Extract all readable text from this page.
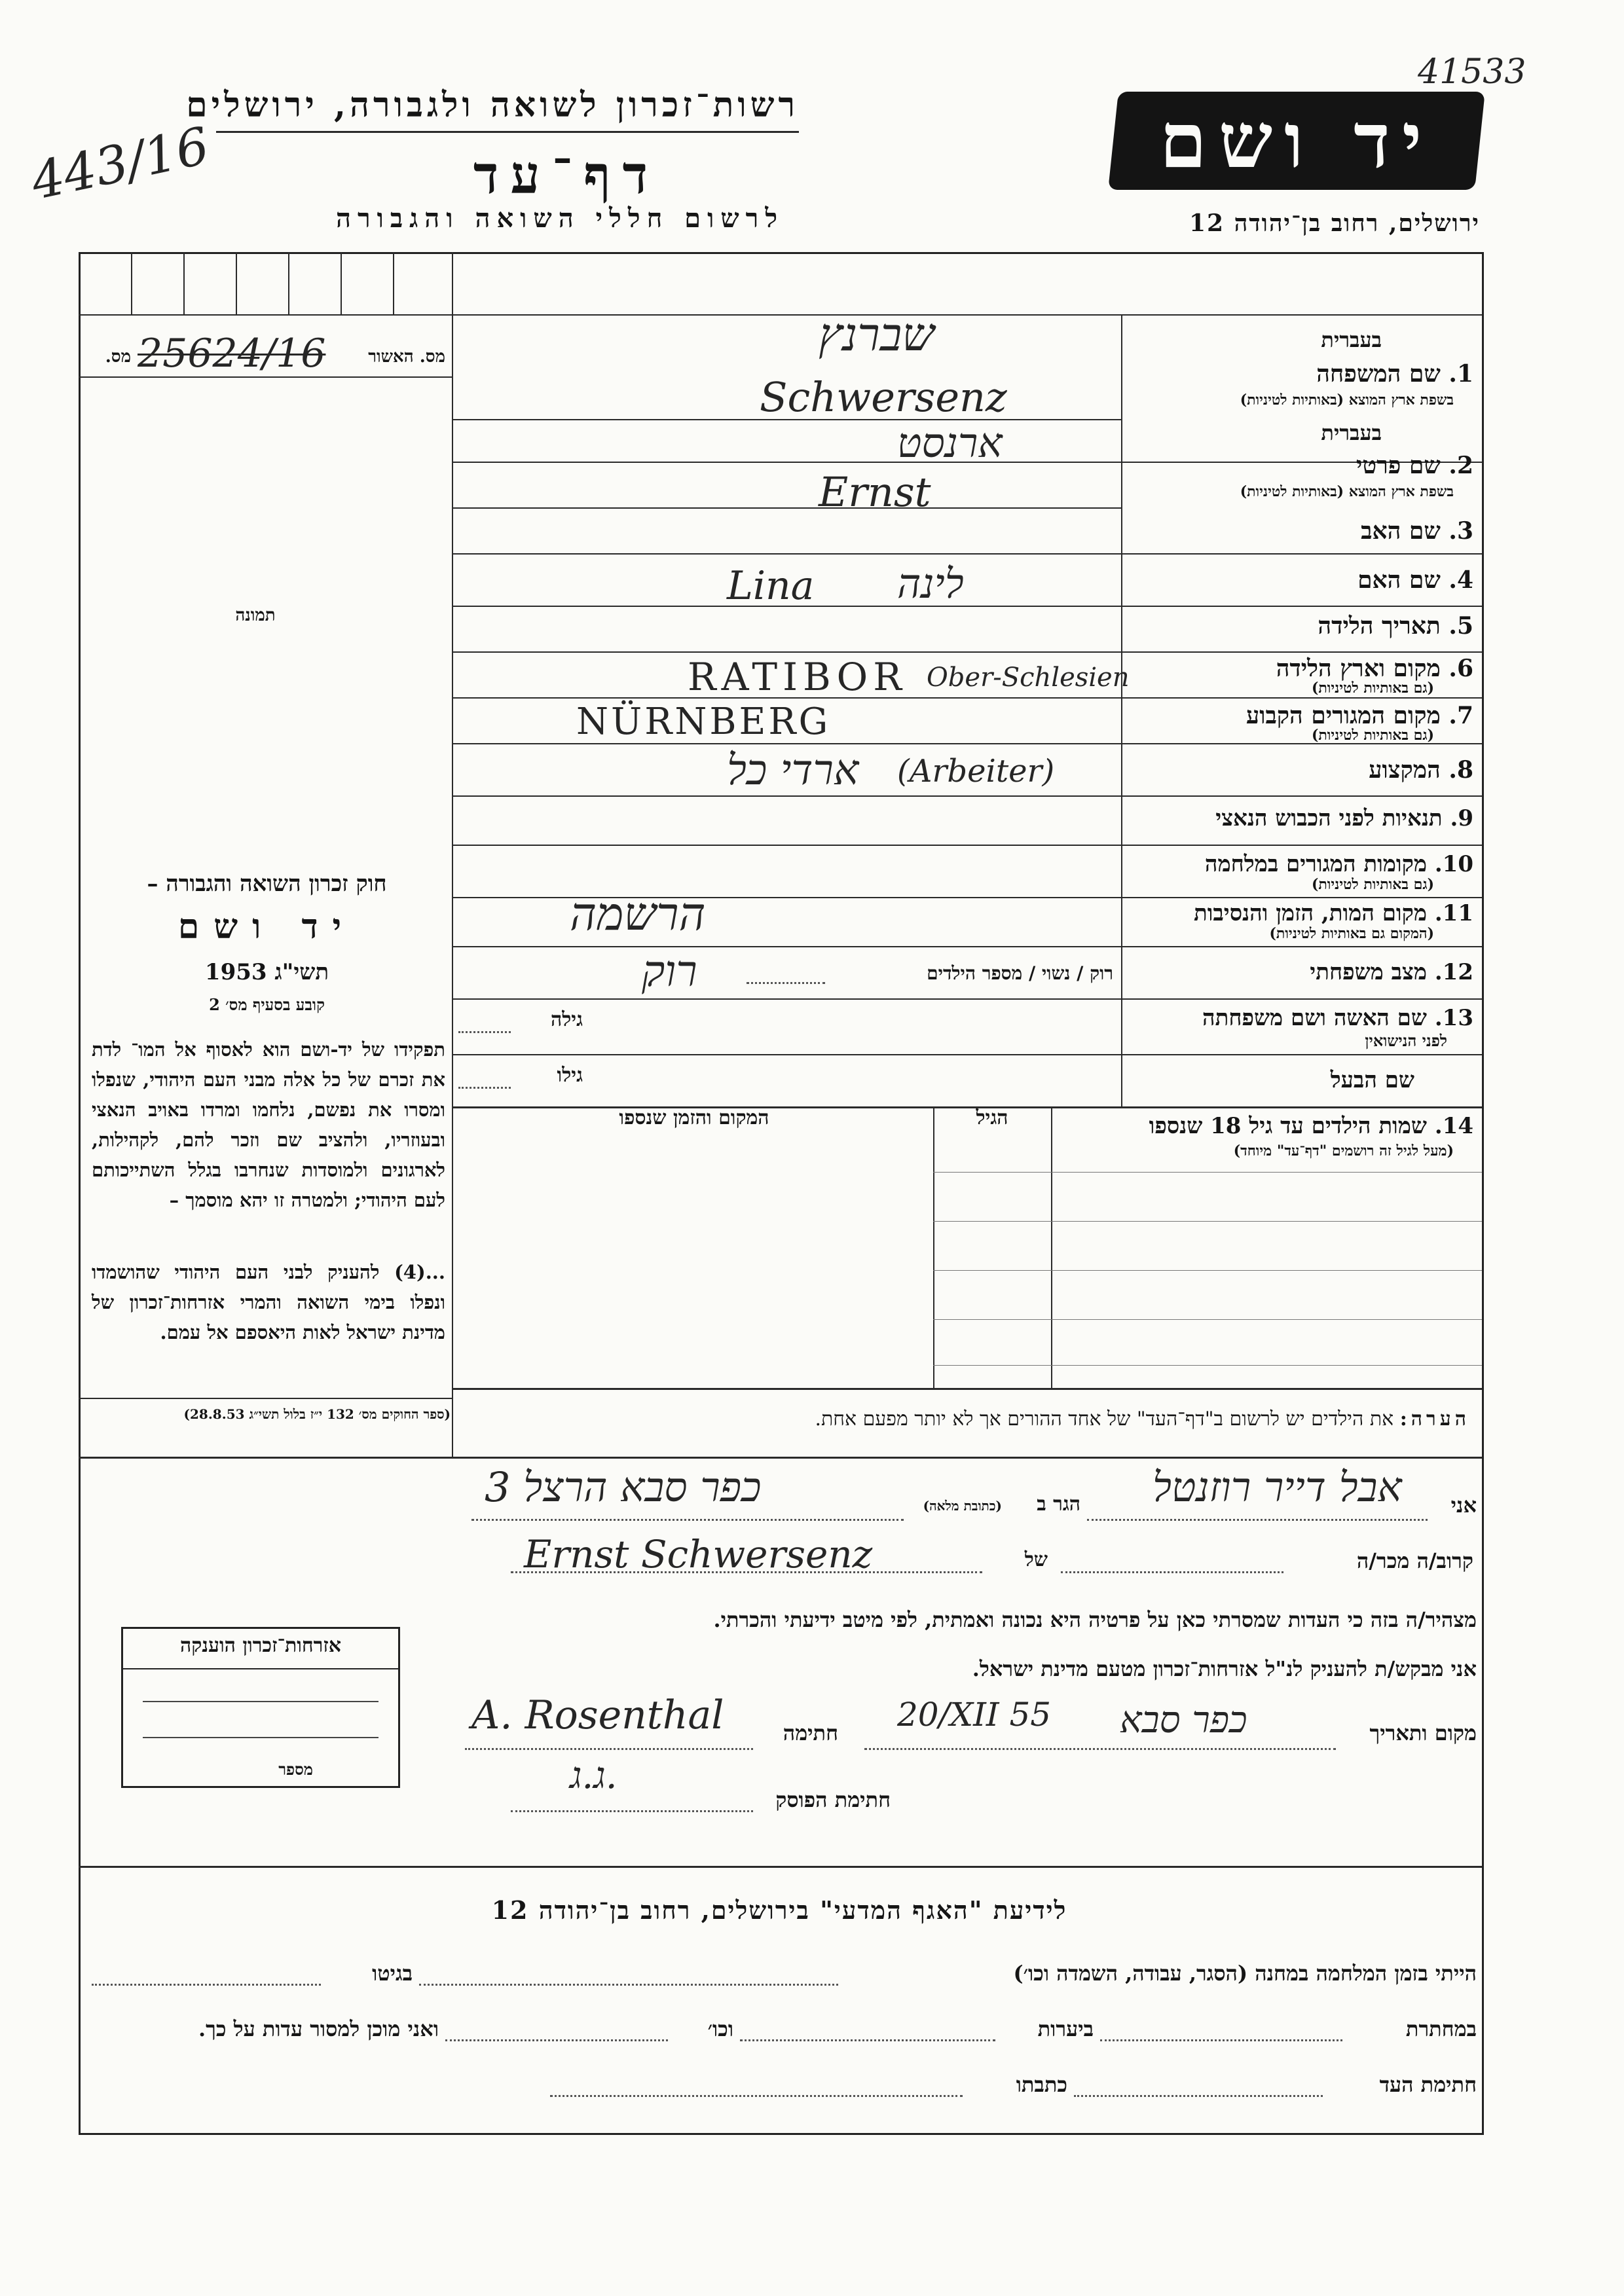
41533
443/16
רשות־זכרון לשואה ולגבורה, ירושלים
דף־עד
לרשום חללי השואה והגבורה
יד ושם
ירושלים, רחוב בן־יהודה 12
מס. האשור
25624/16
מס.
תמונה
חוק זכרון השואה והגבורה –
יד ושם
תשי"ג 1953
קובע בסעיף מס׳ 2
תפקידו של יד-ושם הוא לאסוף אל המו־ לדת את זכרם של כל אלה מבני העם היהודי, שנפלו ומסרו את נפשם, נלחמו ומרדו באויב הנאצי ובעוזריו, ולהציב שם וזכר להם, לקהילות, לארגונים ולמוסדות שנחרבו בגלל השתייכותם לעם היהודי; ולמטרה זו יהא מוסמך –
...(4) להעניק לבני העם היהודי שהושמדו ונפלו בימי השואה והמרי אזרחות־זכרון של מדינת ישראל לאות היאספם אל עמם.
(ספר החוקים מס׳ 132 י״ז בלול תשי״ג 28.8.53)
בעברית
1. שם המשפחה
בשפת ארץ המוצא (באותיות לטיניות)
שברנץ
Schwersenz
בעברית
2. שם פרטי
בשפת ארץ המוצא (באותיות לטיניות)
ארנסט
Ernst
3. שם האב
4. שם האם
Lina לינה
5. תאריך הלידה
6. מקום וארץ הלידה
(גם באותיות לטיניות)
RATIBOR Ober-Schlesien
7. מקום המגורים הקבוע
(גם באותיות לטיניות)
NÜRNBERG
8. המקצוע
ארדי כל (Arbeiter)
9. תנאיות לפני הכבוש הנאצי
10. מקומות המגורים במלחמה
(גם באותיות לטיניות)
11. מקום המות, הזמן והנסיבות
(המקום גם באותיות לטיניות)
הרשמה
12. מצב משפחתי
רוק / נשוי / מספר הילדים
רוק
13. שם האשה ושם משפחתה
לפני הנישואין
גילה
שם הבעל
גילו
14. שמות הילדים עד גיל 18 שנספו
(מעל לגיל זה רושמים "דף־עד" מיוחד)
הגיל
המקום והזמן שנספו
הערה: את הילדים יש לרשום ב"דף־העד" של אחד ההורים אך לא יותר מפעם אחת.
אני
אבל דייר רוזנטל
הגר ב
(כתובת מלאה)
כפר סבא הרצל 3
קרוב/ה מכר/ה
של
Ernst Schwersenz
מצהיר/ה בזה כי העדות שמסרתי כאן על פרטיה היא נכונה ואמתית, לפי מיטב ידיעתי והכרתי.
אני מבקש/ת להעניק לנ"ל אזרחות־זכרון מטעם מדינת ישראל.
מקום ותאריך
כפר סבא
20/XII 55
חתימה
A. Rosenthal
ג.ג.
חתימת הפוסק
אזרחות־זכרון הוענקה
מספר
לידיעת "האגף המדעי" בירושלים, רחוב בן־יהודה 12
הייתי בזמן המלחמה במחנה (הסגר, עבודה, השמדה וכו׳)
בגיטו
במחתרת
ביערות
וכו׳
ואני מוכן למסור עדות על כך.
חתימת העד
כתבתו
